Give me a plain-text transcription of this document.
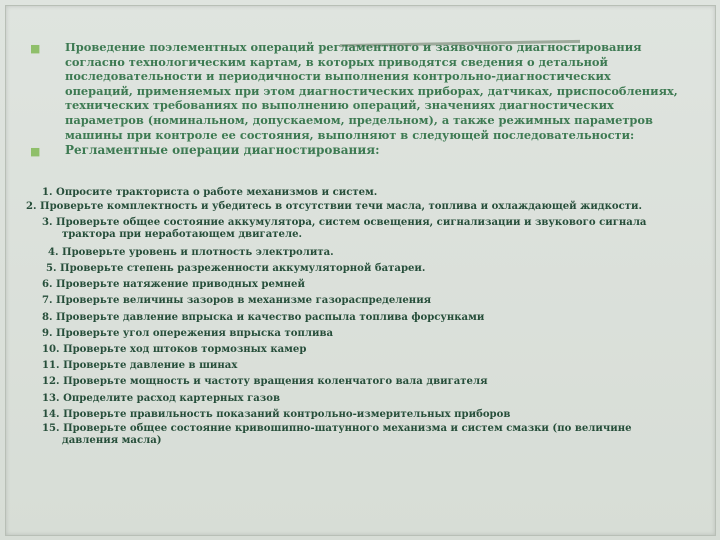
■ Проведение поэлементных операций регламентного и заявочного диагностирования согласно технологическим картам, в которых приводятся сведения о детальной последовательности и периодичности выполнения контрольно-диагностических операций, применяемых при этом диагностических приборах, датчиках, приспособлениях, технических требованиях по выполнению операций, значениях диагностических параметров (номинальном, допускаемом, предельном), а также режимных параметров машины при контроле ее состояния, выполняют в следующей последовательности:
■ Регламентные операции диагностирования:
1. Опросите тракториста о работе механизмов и систем.
2. Проверьте комплектность и убедитесь в отсутствии течи масла, топлива и охлаждающей жидкости.
3. Проверьте общее состояние аккумулятора, систем освещения, сигнализации и звукового сигнала трактора при неработающем двигателе.
4. Проверьте уровень и плотность электролита.
5. Проверьте степень разреженности аккумуляторной батареи.
6. Проверьте натяжение приводных ремней
7. Проверьте величины зазоров в механизме газораспределения
8. Проверьте давление впрыска и качество распыла топлива форсунками
9. Проверьте угол опережения впрыска топлива
10. Проверьте ход штоков тормозных камер
11. Проверьте давление в шинах
12. Проверьте мощность и частоту вращения коленчатого вала двигателя
13. Определите расход картерных газов
14. Проверьте правильность показаний контрольно-измерительных приборов
15. Проверьте общее состояние кривошипно-шатунного механизма и систем смазки (по величине давления масла)
